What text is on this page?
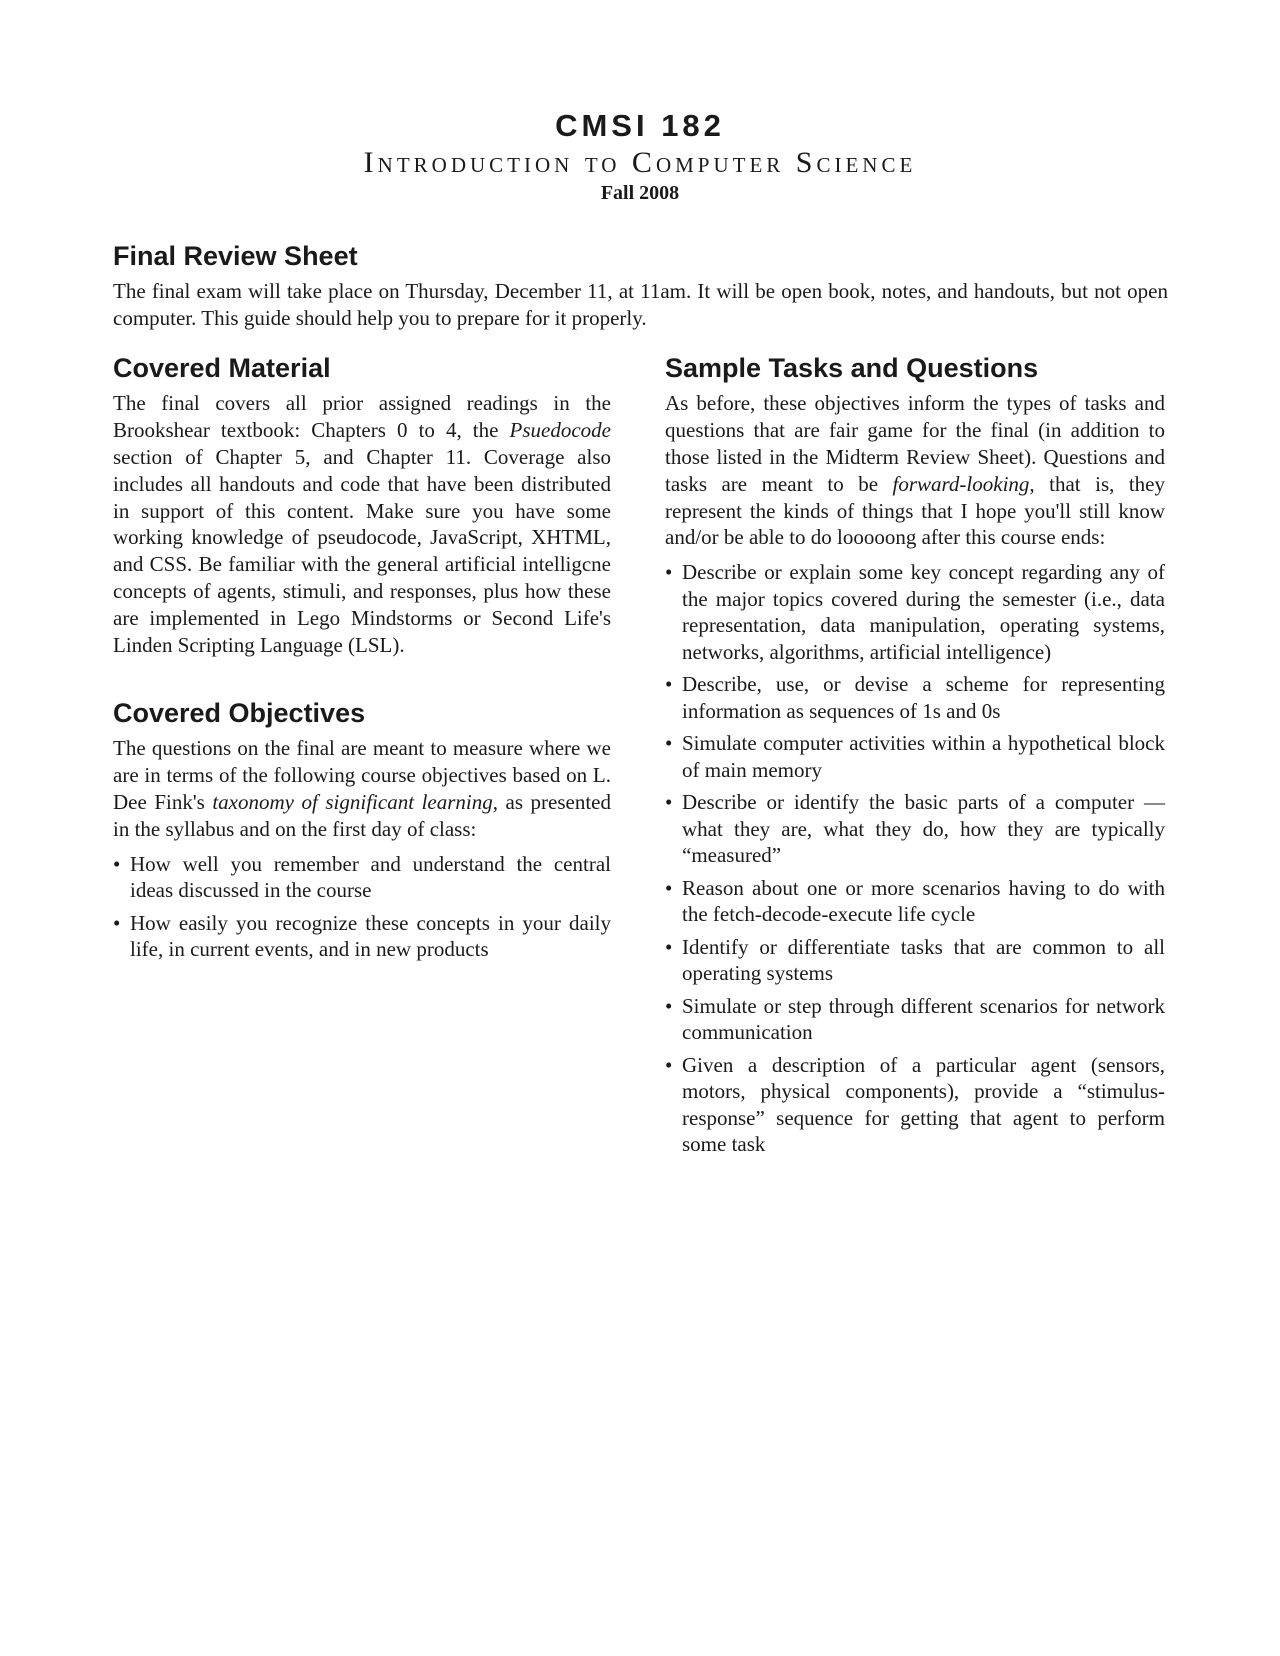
CMSI 182
Introduction to Computer Science
Fall 2008
Final Review Sheet

The final exam will take place on Thursday, December 11, at 11am. It will be open book, notes, and handouts, but not open computer. This guide should help you to prepare for it properly.

Covered Material

The final covers all prior assigned readings in the Brookshear textbook: Chapters 0 to 4, the Psuedocode section of Chapter 5, and Chapter 11. Coverage also includes all handouts and code that have been distributed in support of this content. Make sure you have some working knowledge of pseudocode, JavaScript, XHTML, and CSS. Be familiar with the general artificial intelligcne concepts of agents, stimuli, and responses, plus how these are implemented in Lego Mindstorms or Second Life's Linden Scripting Language (LSL).

Covered Objectives

The questions on the final are meant to measure where we are in terms of the following course objectives based on L. Dee Fink's taxonomy of significant learning, as presented in the syllabus and on the first day of class:

• How well you remember and understand the central ideas discussed in the course
• How easily you recognize these concepts in your daily life, in current events, and in new products
Sample Tasks and Questions

As before, these objectives inform the types of tasks and questions that are fair game for the final (in addition to those listed in the Midterm Review Sheet). Questions and tasks are meant to be forward-looking, that is, they represent the kinds of things that I hope you'll still know and/or be able to do looooong after this course ends:

• Describe or explain some key concept regarding any of the major topics covered during the semester (i.e., data representation, data manipulation, operating systems, networks, algorithms, artificial intelligence)
• Describe, use, or devise a scheme for representing information as sequences of 1s and 0s
• Simulate computer activities within a hypothetical block of main memory
• Describe or identify the basic parts of a computer — what they are, what they do, how they are typically “measured”
• Reason about one or more scenarios having to do with the fetch-decode-execute life cycle
• Identify or differentiate tasks that are common to all operating systems
• Simulate or step through different scenarios for network communication
• Given a description of a particular agent (sensors, motors, physical components), provide a “stimulus-response” sequence for getting that agent to perform some task
